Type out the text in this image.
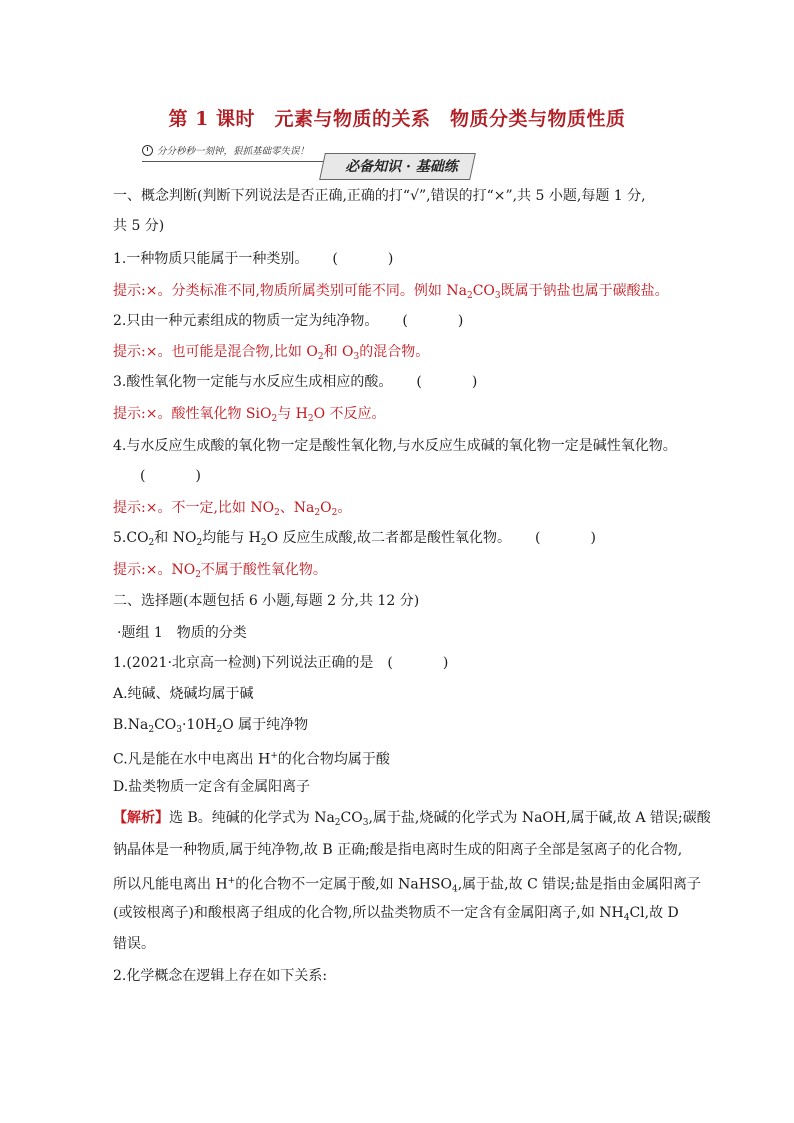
第 1 课时　元素与物质的关系　物质分类与物质性质
分分秒秒一刻钟，狠抓基础零失误！
必备知识 · 基础练
一、概念判断(判断下列说法是否正确,正确的打“√”,错误的打“×”,共 5 小题,每题 1 分,
共 5 分)
1.一种物质只能属于一种类别。 (　)
提示:×。分类标准不同,物质所属类别可能不同。例如 $Na_2CO_3$既属于钠盐也属于碳酸盐。
2.只由一种元素组成的物质一定为纯净物。 (　)
提示:×。也可能是混合物,比如 $O_2$和 $O_3$的混合物。
3.酸性氧化物一定能与水反应生成相应的酸。 (　)
提示:×。酸性氧化物 SiO$_2$与 $H_2O$ 不反应。
4.与水反应生成酸的氧化物一定是酸性氧化物,与水反应生成碱的氧化物一定是碱性氧化物。
(　)
提示:×。不一定,比如 $NO_2$、$Na_2O_2$。
$5.CO_2$和 $NO_2$均能与 $H_2O$ 反应生成酸,故二者都是酸性氧化物。 (　)
提示:×。$NO_2$不属于酸性氧化物。
二、选择题(本题包括 6 小题,每题 2 分,共 12 分)
·题组 1　物质的分类
1.(2021·北京高一检测)下列说法正确的是 (　)
A.纯碱、烧碱均属于碱
$B.Na_2CO_3\cdot 10H_2O$ 属于纯净物
C.凡是能在水中电离出 H+的化合物均属于酸
D.盐类物质一定含有金属阳离子
【解析】选 B。纯碱的化学式为 $Na_2CO_3$,属于盐,烧碱的化学式为 NaOH,属于碱,故 A 错误;碳酸
钠晶体是一种物质,属于纯净物,故 B 正确;酸是指电离时生成的阳离子全部是氢离子的化合物,
所以凡能电离出 H+的化合物不一定属于酸,如 NaHSO$_4$,属于盐,故 C 错误;盐是指由金属阳离子
(或铵根离子)和酸根离子组成的化合物,所以盐类物质不一定含有金属阳离子,如 $NH_4Cl$,故 D
错误。
2.化学概念在逻辑上存在如下关系:
